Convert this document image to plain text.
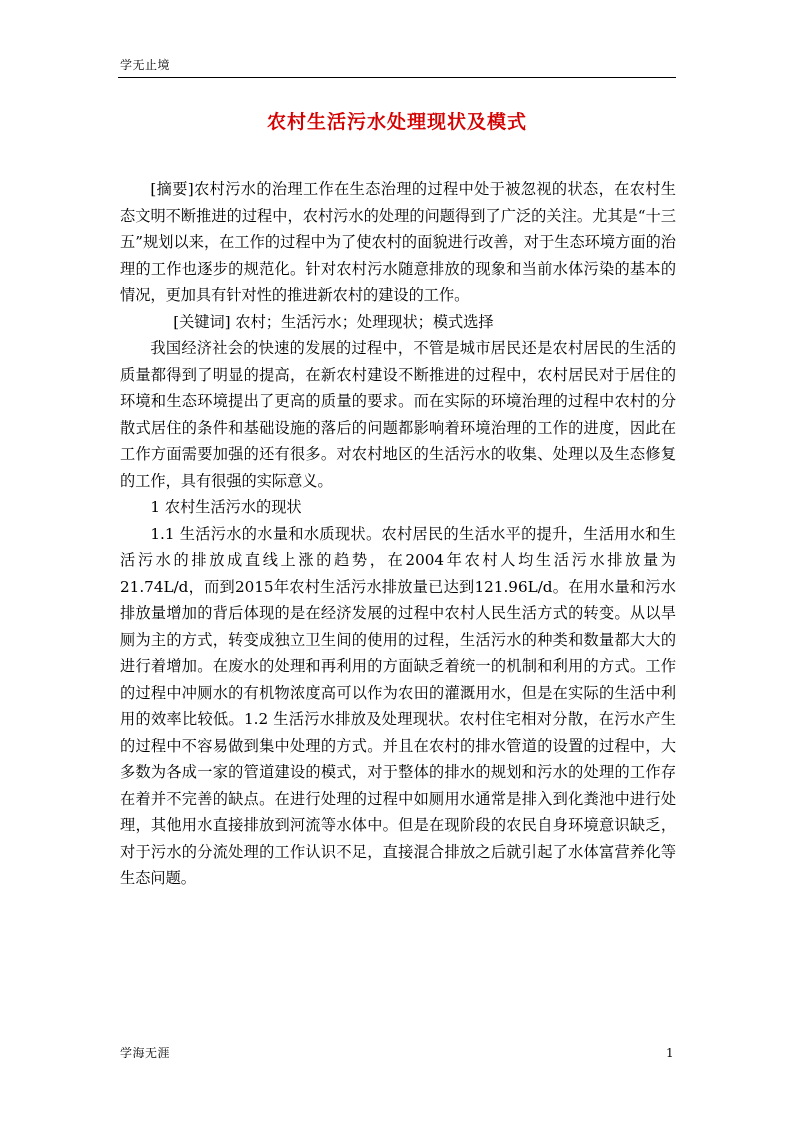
学无止境
农村生活污水处理现状及模式

[摘要]农村污水的治理工作在生态治理的过程中处于被忽视的状态，在农村生态文明不断推进的过程中，农村污水的处理的问题得到了广泛的关注。尤其是“十三五”规划以来，在工作的过程中为了使农村的面貌进行改善，对于生态环境方面的治理的工作也逐步的规范化。针对农村污水随意排放的现象和当前水体污染的基本的情况，更加具有针对性的推进新农村的建设的工作。

[关键词] 农村；生活污水；处理现状；模式选择

我国经济社会的快速的发展的过程中，不管是城市居民还是农村居民的生活的质量都得到了明显的提高，在新农村建设不断推进的过程中，农村居民对于居住的环境和生态环境提出了更高的质量的要求。而在实际的环境治理的过程中农村的分散式居住的条件和基础设施的落后的问题都影响着环境治理的工作的进度，因此在工作方面需要加强的还有很多。对农村地区的生活污水的收集、处理以及生态修复的工作，具有很强的实际意义。

1 农村生活污水的现状

1.1 生活污水的水量和水质现状。农村居民的生活水平的提升，生活用水和生活污水的排放成直线上涨的趋势，在2004年农村人均生活污水排放量为21.74L/d，而到2015年农村生活污水排放量已达到121.96L/d。在用水量和污水排放量增加的背后体现的是在经济发展的过程中农村人民生活方式的转变。从以旱厕为主的方式，转变成独立卫生间的使用的过程，生活污水的种类和数量都大大的进行着增加。在废水的处理和再利用的方面缺乏着统一的机制和利用的方式。工作的过程中冲厕水的有机物浓度高可以作为农田的灌溉用水，但是在实际的生活中利用的效率比较低。1.2 生活污水排放及处理现状。农村住宅相对分散，在污水产生的过程中不容易做到集中处理的方式。并且在农村的排水管道的设置的过程中，大多数为各成一家的管道建设的模式，对于整体的排水的规划和污水的处理的工作存在着并不完善的缺点。在进行处理的过程中如厕用水通常是排入到化粪池中进行处理，其他用水直接排放到河流等水体中。但是在现阶段的农民自身环境意识缺乏，对于污水的分流处理的工作认识不足，直接混合排放之后就引起了水体富营养化等生态问题。

学海无涯	1
